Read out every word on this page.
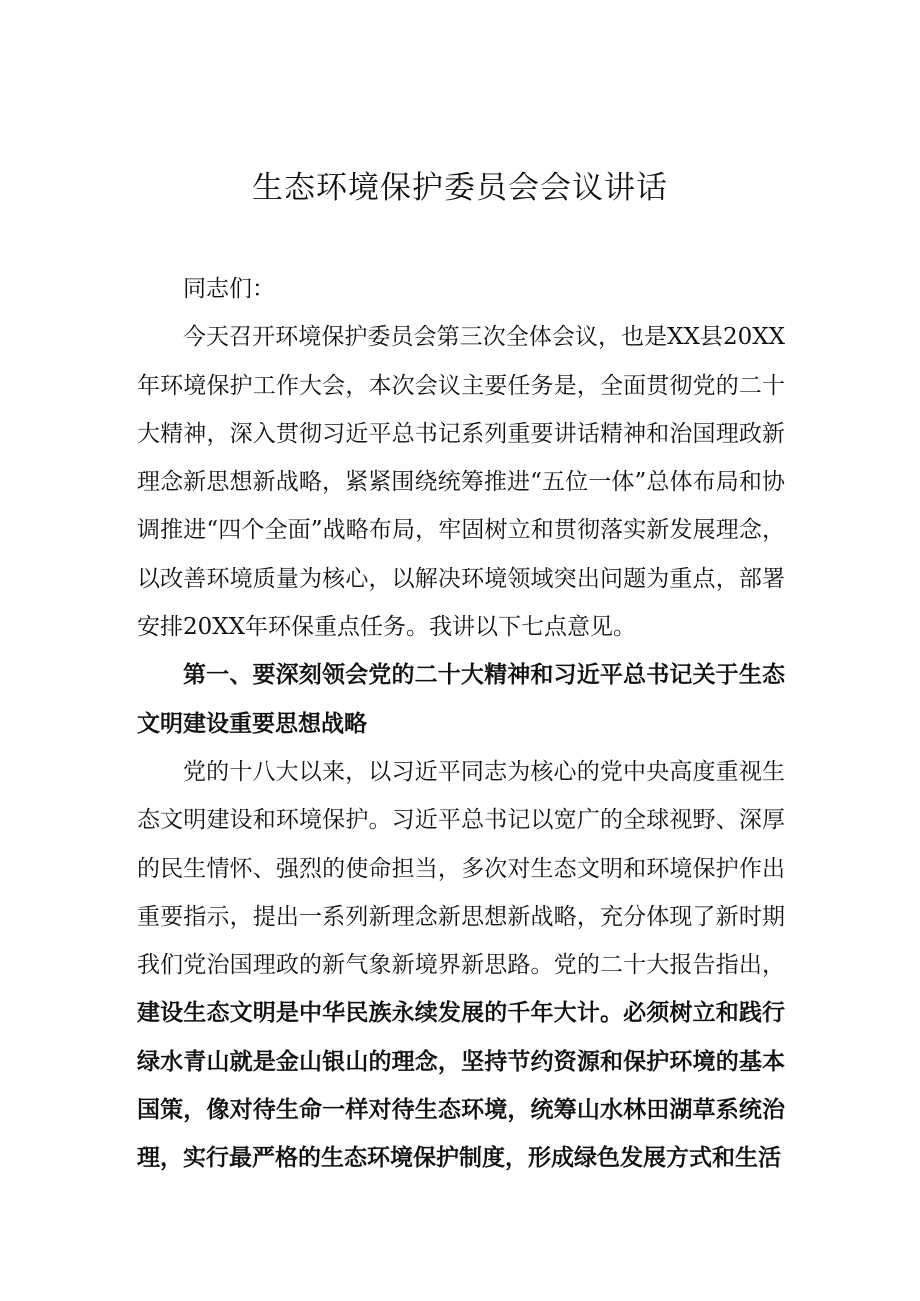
生态环境保护委员会会议讲话

同志们：

今天召开环境保护委员会第三次全体会议，也是XX县20XX年环境保护工作大会，本次会议主要任务是，全面贯彻党的二十大精神，深入贯彻习近平总书记系列重要讲话精神和治国理政新理念新思想新战略，紧紧围绕统筹推进“五位一体”总体布局和协调推进“四个全面”战略布局，牢固树立和贯彻落实新发展理念，以改善环境质量为核心，以解决环境领域突出问题为重点，部署安排20XX年环保重点任务。我讲以下七点意见。

第一、要深刻领会党的二十大精神和习近平总书记关于生态文明建设重要思想战略

党的十八大以来，以习近平同志为核心的党中央高度重视生态文明建设和环境保护。习近平总书记以宽广的全球视野、深厚的民生情怀、强烈的使命担当，多次对生态文明和环境保护作出重要指示，提出一系列新理念新思想新战略，充分体现了新时期我们党治国理政的新气象新境界新思路。党的二十大报告指出，建设生态文明是中华民族永续发展的千年大计。必须树立和践行绿水青山就是金山银山的理念，坚持节约资源和保护环境的基本国策，像对待生命一样对待生态环境，统筹山水林田湖草系统治理，实行最严格的生态环境保护制度，形成绿色发展方式和生活
